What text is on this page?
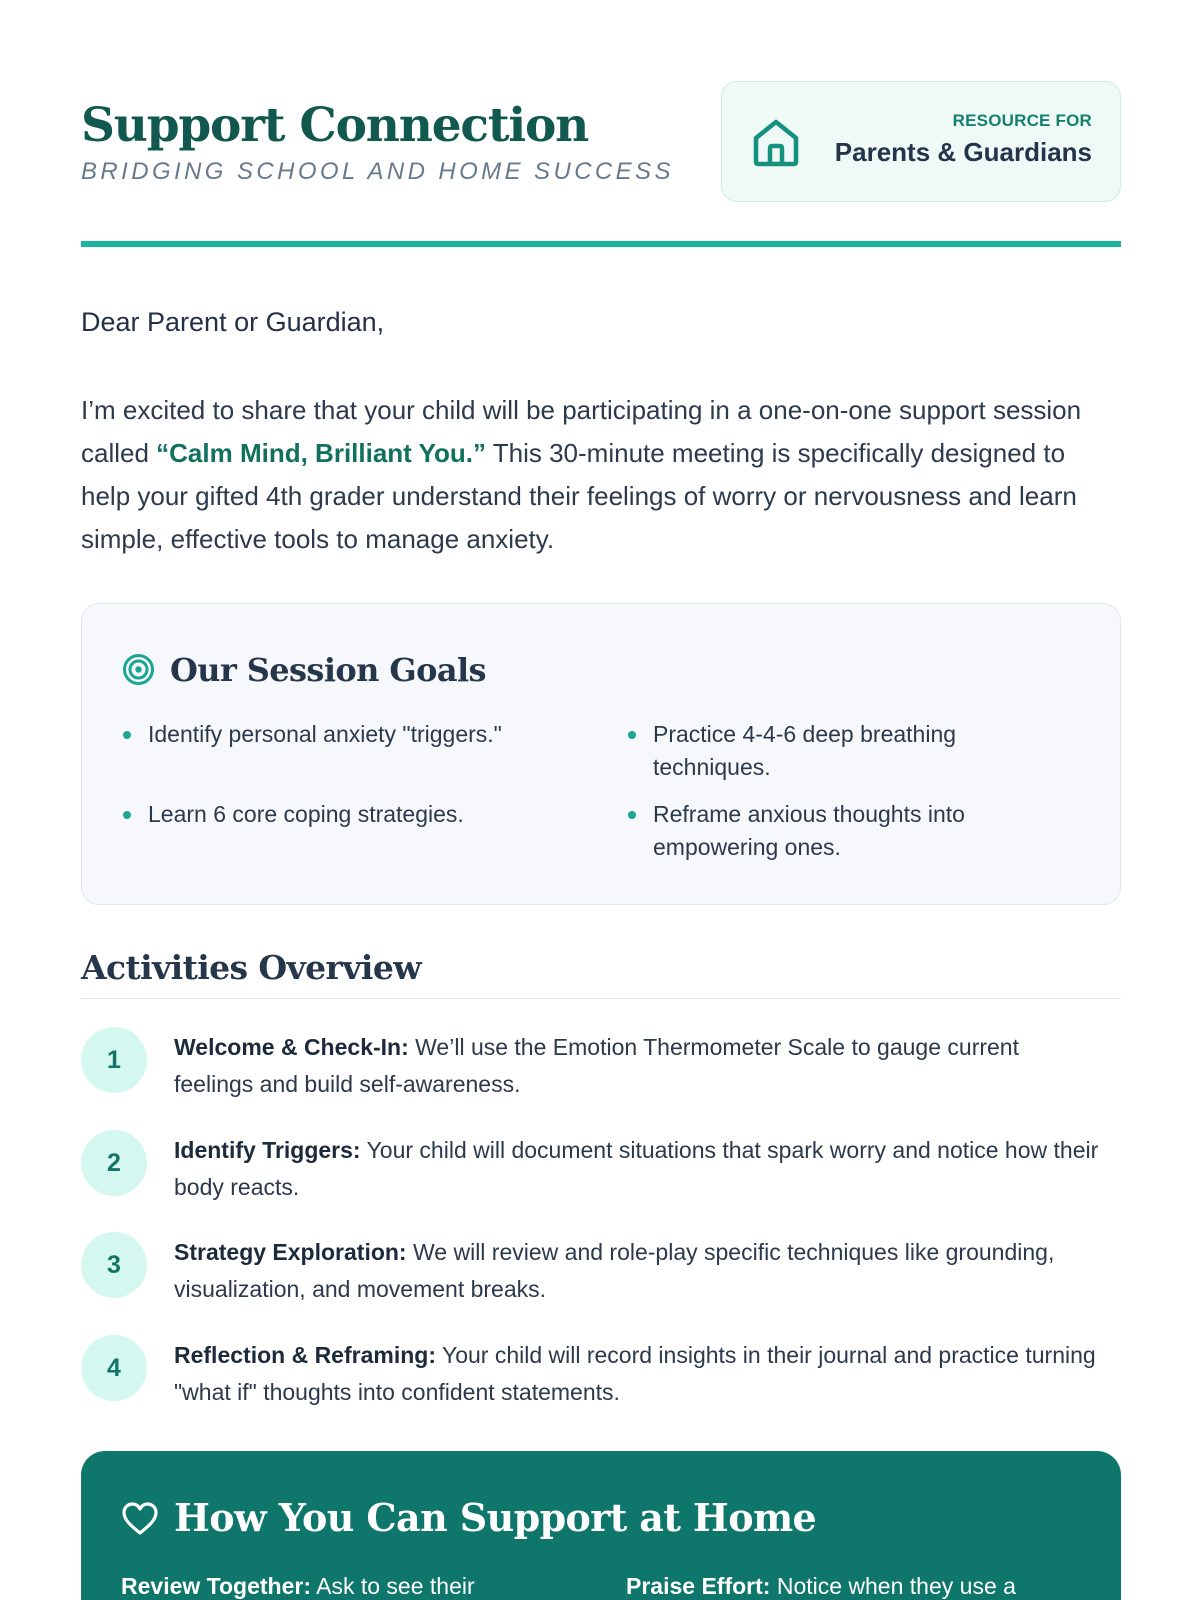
Support Connection
BRIDGING SCHOOL AND HOME SUCCESS
RESOURCE FOR
Parents & Guardians
Dear Parent or Guardian,

I’m excited to share that your child will be participating in a one-on-one support session called “Calm Mind, Brilliant You.” This 30-minute meeting is specifically designed to help your gifted 4th grader understand their feelings of worry or nervousness and learn simple, effective tools to manage anxiety.

Our Session Goals
Identify personal anxiety "triggers."	Practice 4-4-6 deep breathing techniques.
Learn 6 core coping strategies.	Reframe anxious thoughts into empowering ones.
Activities Overview
1	Welcome & Check-In: We’ll use the Emotion Thermometer Scale to gauge current feelings and build self-awareness.
2	Identify Triggers: Your child will document situations that spark worry and notice how their body reacts.
3	Strategy Exploration: We will review and role-play specific techniques like grounding, visualization, and movement breaks.
4	Reflection & Reframing: Your child will record insights in their journal and practice turning "what if" thoughts into confident statements.
How You Can Support at Home
Review Together: Ask to see their	Praise Effort: Notice when they use a
